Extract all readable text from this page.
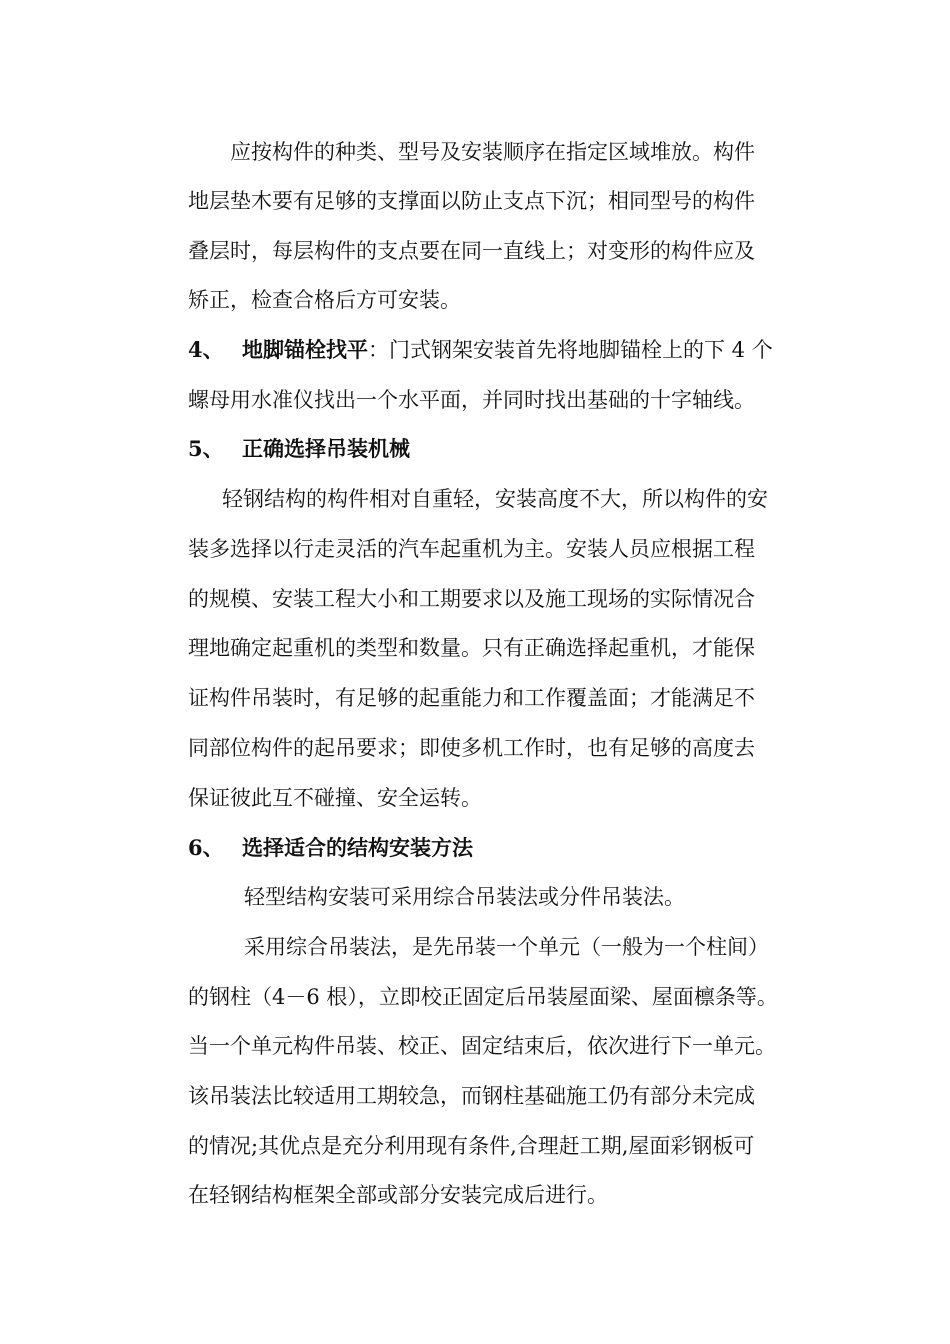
应按构件的种类、型号及安装顺序在指定区域堆放。构件
地层垫木要有足够的支撑面以防止支点下沉；相同型号的构件
叠层时，每层构件的支点要在同一直线上；对变形的构件应及
矫正，检查合格后方可安装。
4、 地脚锚栓找平：门式钢架安装首先将地脚锚栓上的下 4 个
螺母用水准仪找出一个水平面，并同时找出基础的十字轴线。
5、 正确选择吊装机械
轻钢结构的构件相对自重轻，安装高度不大，所以构件的安
装多选择以行走灵活的汽车起重机为主。安装人员应根据工程
的规模、安装工程大小和工期要求以及施工现场的实际情况合
理地确定起重机的类型和数量。只有正确选择起重机，才能保
证构件吊装时，有足够的起重能力和工作覆盖面；才能满足不
同部位构件的起吊要求；即使多机工作时，也有足够的高度去
保证彼此互不碰撞、安全运转。
6、 选择适合的结构安装方法
轻型结构安装可采用综合吊装法或分件吊装法。
采用综合吊装法，是先吊装一个单元（一般为一个柱间）
的钢柱（4－6 根），立即校正固定后吊装屋面梁、屋面檩条等。
当一个单元构件吊装、校正、固定结束后，依次进行下一单元。
该吊装法比较适用工期较急，而钢柱基础施工仍有部分未完成
的情况;其优点是充分利用现有条件,合理赶工期,屋面彩钢板可
在轻钢结构框架全部或部分安装完成后进行。
